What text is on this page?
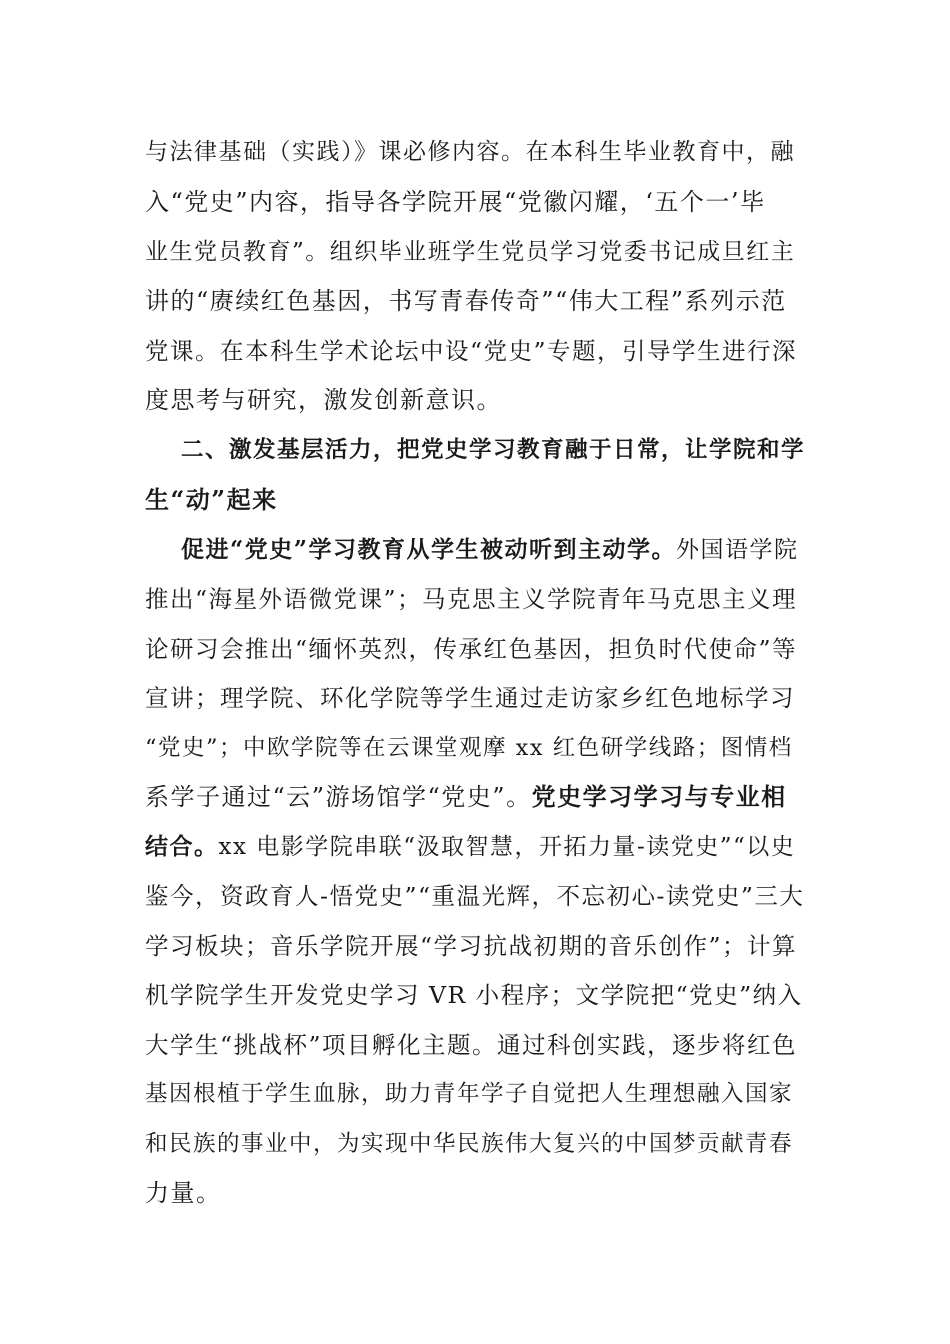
与法律基础（实践）》课必修内容。在本科生毕业教育中，融
入“党史”内容，指导各学院开展“党徽闪耀，‘五个一’毕
业生党员教育”。组织毕业班学生党员学习党委书记成旦红主
讲的“赓续红色基因，书写青春传奇”“伟大工程”系列示范
党课。在本科生学术论坛中设“党史”专题，引导学生进行深
度思考与研究，激发创新意识。
二、激发基层活力，把党史学习教育融于日常，让学院和学
生“动”起来
促进“党史”学习教育从学生被动听到主动学。外国语学院
推出“海星外语微党课”；马克思主义学院青年马克思主义理
论研习会推出“缅怀英烈，传承红色基因，担负时代使命”等
宣讲；理学院、环化学院等学生通过走访家乡红色地标学习
“党史”；中欧学院等在云课堂观摩 xx 红色研学线路；图情档
系学子通过“云”游场馆学“党史”。党史学习学习与专业相
结合。xx 电影学院串联“汲取智慧，开拓力量-读党史”“以史
鉴今，资政育人-悟党史”“重温光辉，不忘初心-读党史”三大
学习板块；音乐学院开展“学习抗战初期的音乐创作”；计算
机学院学生开发党史学习 VR 小程序；文学院把“党史”纳入
大学生“挑战杯”项目孵化主题。通过科创实践，逐步将红色
基因根植于学生血脉，助力青年学子自觉把人生理想融入国家
和民族的事业中，为实现中华民族伟大复兴的中国梦贡献青春
力量。
